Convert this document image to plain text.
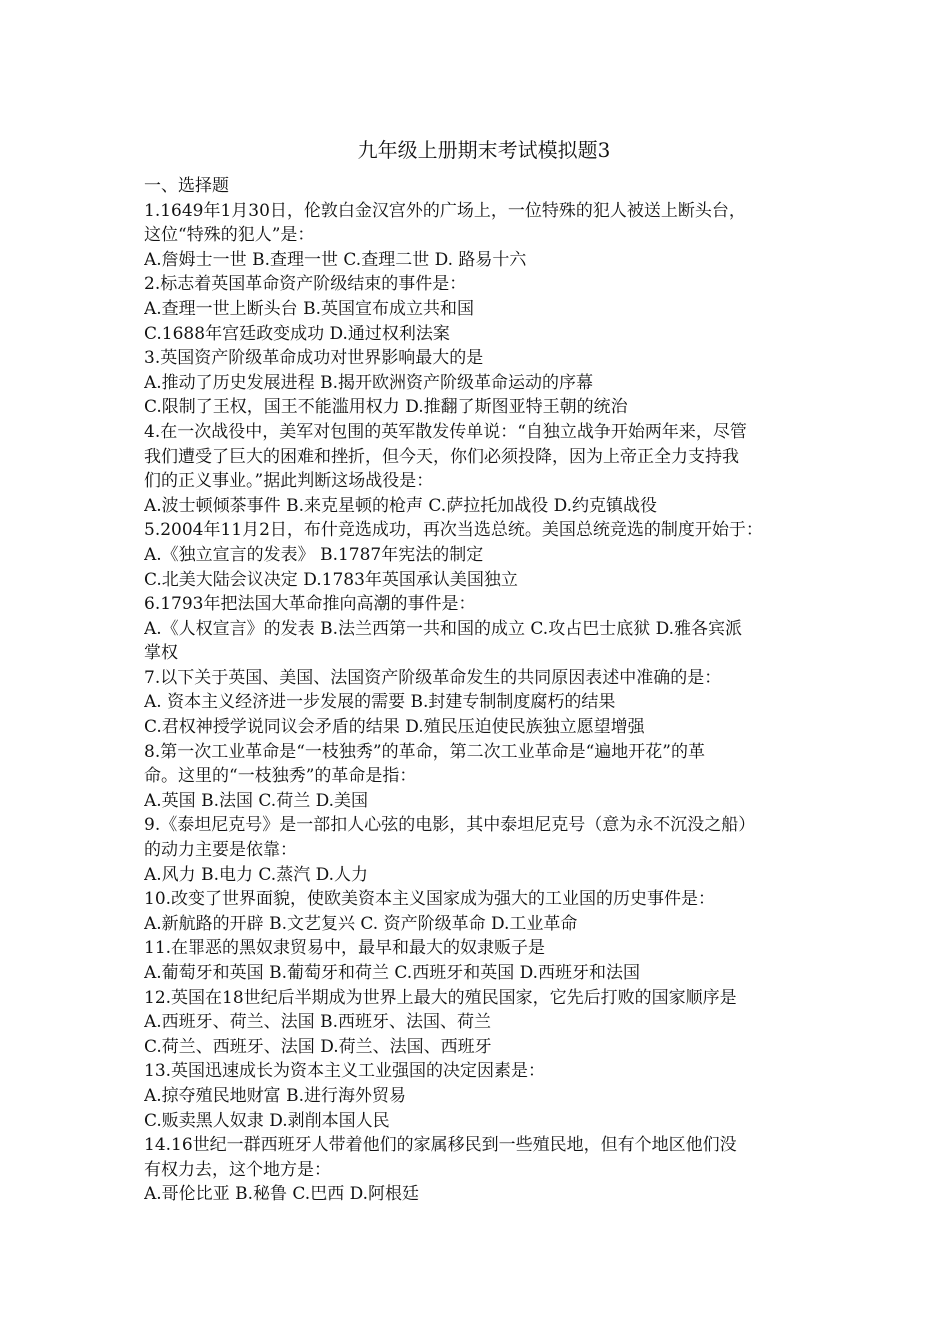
九年级上册期末考试模拟题3
一、选择题
1.1649年1月30日，伦敦白金汉宫外的广场上，一位特殊的犯人被送上断头台，
这位“特殊的犯人”是：
A.詹姆士一世 B.查理一世 C.查理二世 D. 路易十六
2.标志着英国革命资产阶级结束的事件是：
A.查理一世上断头台 B.英国宣布成立共和国
C.1688年宫廷政变成功 D.通过权利法案
3.英国资产阶级革命成功对世界影响最大的是
A.推动了历史发展进程 B.揭开欧洲资产阶级革命运动的序幕
C.限制了王权，国王不能滥用权力 D.推翻了斯图亚特王朝的统治
4.在一次战役中，美军对包围的英军散发传单说：“自独立战争开始两年来，尽管
我们遭受了巨大的困难和挫折，但今天，你们必须投降，因为上帝正全力支持我
们的正义事业。”据此判断这场战役是：
A.波士顿倾茶事件 B.来克星顿的枪声 C.萨拉托加战役 D.约克镇战役
5.2004年11月2日，布什竞选成功，再次当选总统。美国总统竞选的制度开始于：
A.《独立宣言的发表》 B.1787年宪法的制定
C.北美大陆会议决定 D.1783年英国承认美国独立
6.1793年把法国大革命推向高潮的事件是：
A.《人权宣言》的发表 B.法兰西第一共和国的成立 C.攻占巴士底狱 D.雅各宾派
掌权
7.以下关于英国、美国、法国资产阶级革命发生的共同原因表述中准确的是：
A. 资本主义经济进一步发展的需要 B.封建专制制度腐朽的结果
C.君权神授学说同议会矛盾的结果 D.殖民压迫使民族独立愿望增强
8.第一次工业革命是“一枝独秀”的革命，第二次工业革命是“遍地开花”的革
命。这里的“一枝独秀”的革命是指：
A.英国 B.法国 C.荷兰 D.美国
9.《泰坦尼克号》是一部扣人心弦的电影，其中泰坦尼克号（意为永不沉没之船）
的动力主要是依靠：
A.风力 B.电力 C.蒸汽 D.人力
10.改变了世界面貌，使欧美资本主义国家成为强大的工业国的历史事件是：
A.新航路的开辟 B.文艺复兴 C. 资产阶级革命 D.工业革命
11.在罪恶的黑奴隶贸易中，最早和最大的奴隶贩子是
A.葡萄牙和英国 B.葡萄牙和荷兰 C.西班牙和英国 D.西班牙和法国
12.英国在18世纪后半期成为世界上最大的殖民国家，它先后打败的国家顺序是
A.西班牙、荷兰、法国 B.西班牙、法国、荷兰
C.荷兰、西班牙、法国 D.荷兰、法国、西班牙
13.英国迅速成长为资本主义工业强国的决定因素是：
A.掠夺殖民地财富 B.进行海外贸易
C.贩卖黑人奴隶 D.剥削本国人民
14.16世纪一群西班牙人带着他们的家属移民到一些殖民地，但有个地区他们没
有权力去，这个地方是：
A.哥伦比亚 B.秘鲁 C.巴西 D.阿根廷
